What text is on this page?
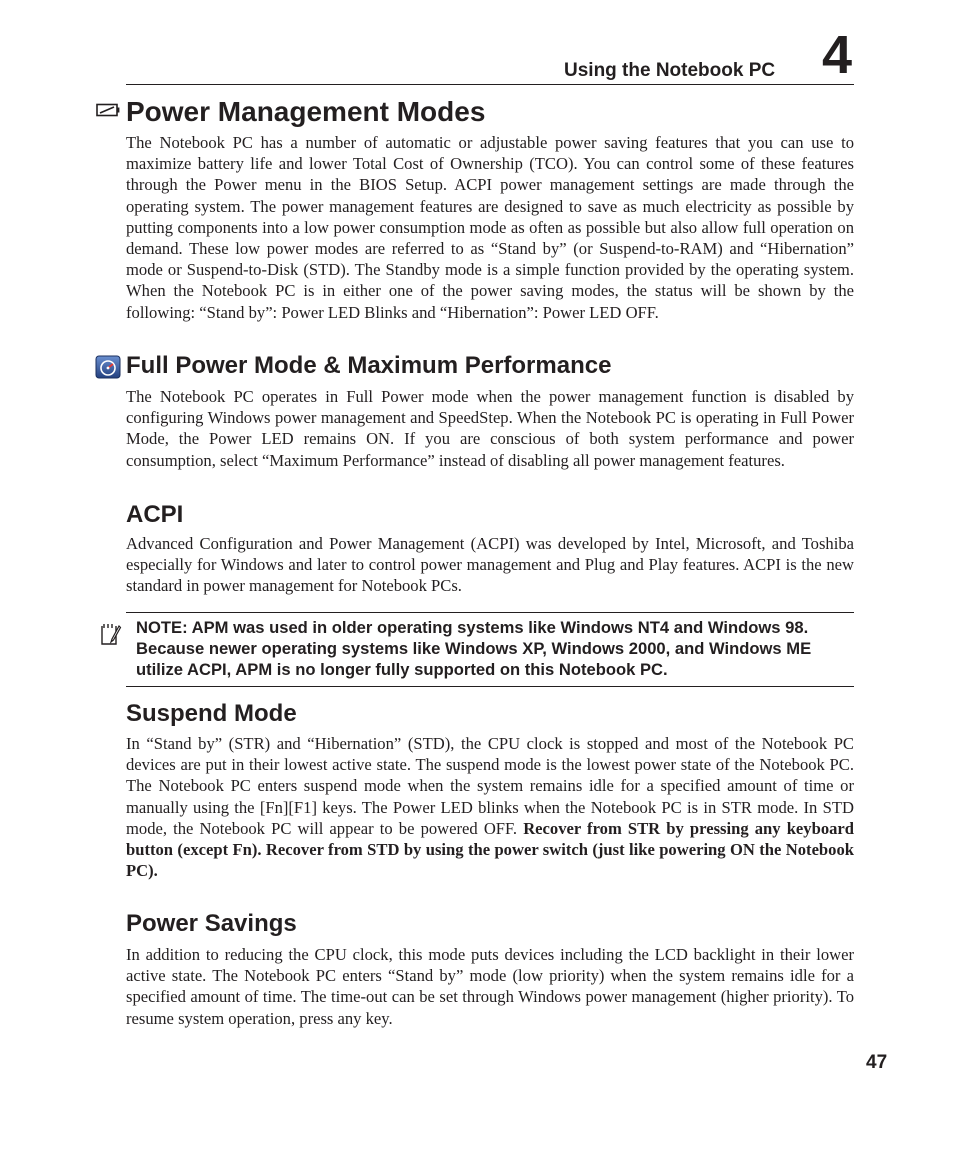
Using the Notebook PC 4
Power Management Modes

The Notebook PC has a number of automatic or adjustable power saving features that you can use to maximize battery life and lower Total Cost of Ownership (TCO). You can control some of these features through the Power menu in the BIOS Setup. ACPI power management settings are made through the operating system. The power management features are designed to save as much electricity as possible by putting components into a low power consumption mode as often as possible but also allow full operation on demand. These low power modes are referred to as “Stand by” (or Suspend-to-RAM) and “Hibernation” mode or Suspend-to-Disk (STD). The Standby mode is a simple function provided by the operating system. When the Notebook PC is in either one of the power saving modes, the status will be shown by the following: “Stand by”: Power LED Blinks and “Hibernation”: Power LED OFF.

Full Power Mode & Maximum Performance

The Notebook PC operates in Full Power mode when the power management function is disabled by configuring Windows power management and SpeedStep. When the Notebook PC is operating in Full Power Mode, the Power LED remains ON. If you are conscious of both system performance and power consumption, select “Maximum Performance” instead of disabling all power management features.

ACPI

Advanced Configuration and Power Management (ACPI) was developed by Intel, Microsoft, and Toshiba especially for Windows and later to control power management and Plug and Play features. ACPI is the new standard in power management for Notebook PCs.

NOTE: APM was used in older operating systems like Windows NT4 and Windows 98. Because newer operating systems like Windows XP, Windows 2000, and Windows ME utilize ACPI, APM is no longer fully supported on this Notebook PC.

Suspend Mode

In “Stand by” (STR) and “Hibernation” (STD), the CPU clock is stopped and most of the Notebook PC devices are put in their lowest active state. The suspend mode is the lowest power state of the Notebook PC. The Notebook PC enters suspend mode when the system remains idle for a specified amount of time or manually using the [Fn][F1] keys. The Power LED blinks when the Notebook PC is in STR mode. In STD mode, the Notebook PC will appear to be powered OFF. Recover from STR by pressing any keyboard button (except Fn). Recover from STD by using the power switch (just like powering ON the Notebook PC).

Power Savings

In addition to reducing the CPU clock, this mode puts devices including the LCD backlight in their lower active state. The Notebook PC enters “Stand by” mode (low priority) when the system remains idle for a specified amount of time. The time-out can be set through Windows power management (higher priority). To resume system operation, press any key.

47
